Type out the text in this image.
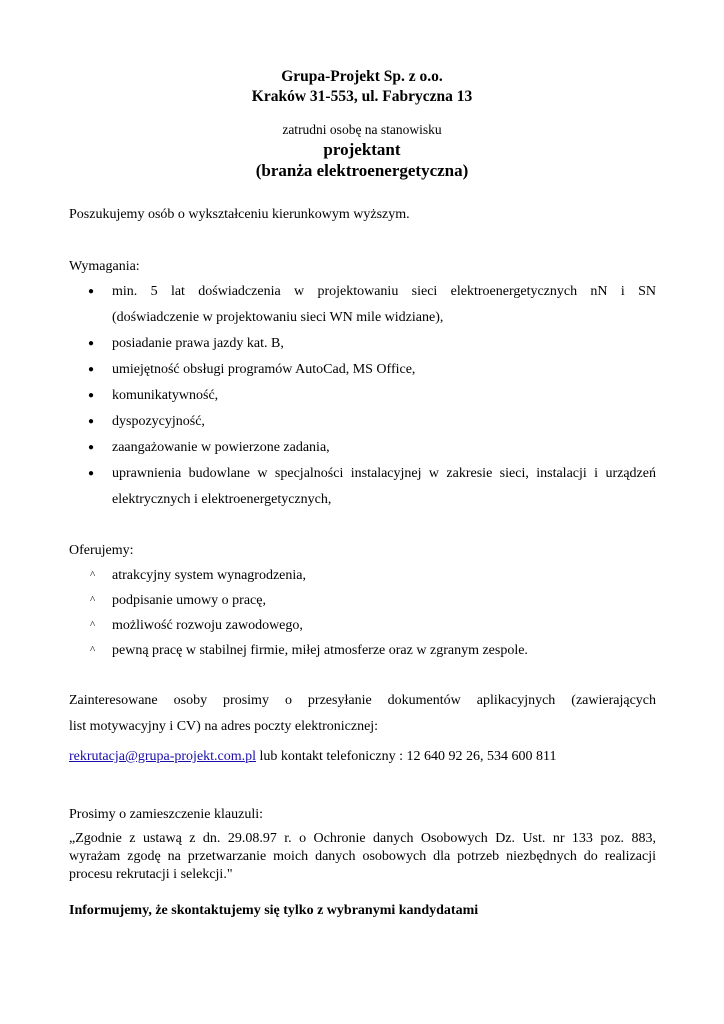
Grupa-Projekt Sp. z o.o.
Kraków 31-553, ul. Fabryczna 13
zatrudni osobę na stanowisku
projektant
(branża elektroenergetyczna)
Poszukujemy osób o wykształceniu kierunkowym wyższym.
Wymagania:
● min. 5 lat doświadczenia w projektowaniu sieci elektroenergetycznych nN i SN
(doświadczenie w projektowaniu sieci WN mile widziane),
● posiadanie prawa jazdy kat. B,
● umiejętność obsługi programów AutoCad, MS Office,
● komunikatywność,
● dyspozycyjność,
● zaangażowanie w powierzone zadania,
● uprawnienia budowlane w specjalności instalacyjnej w zakresie sieci, instalacji i urządzeń
elektrycznych i elektroenergetycznych,
Oferujemy:
^ atrakcyjny system wynagrodzenia,
^ podpisanie umowy o pracę,
^ możliwość rozwoju zawodowego,
^ pewną pracę w stabilnej firmie, miłej atmosferze oraz w zgranym zespole.
Zainteresowane osoby prosimy o przesyłanie dokumentów aplikacyjnych (zawierających
list motywacyjny i CV) na adres poczty elektronicznej:
rekrutacja@grupa-projekt.com.pl lub kontakt telefoniczny : 12 640 92 26, 534 600 811
Prosimy o zamieszczenie klauzuli:
„Zgodnie z ustawą z dn. 29.08.97 r. o Ochronie danych Osobowych Dz. Ust. nr 133 poz. 883,
wyrażam zgodę na przetwarzanie moich danych osobowych dla potrzeb niezbędnych do realizacji
procesu rekrutacji i selekcji."
Informujemy, że skontaktujemy się tylko z wybranymi kandydatami
